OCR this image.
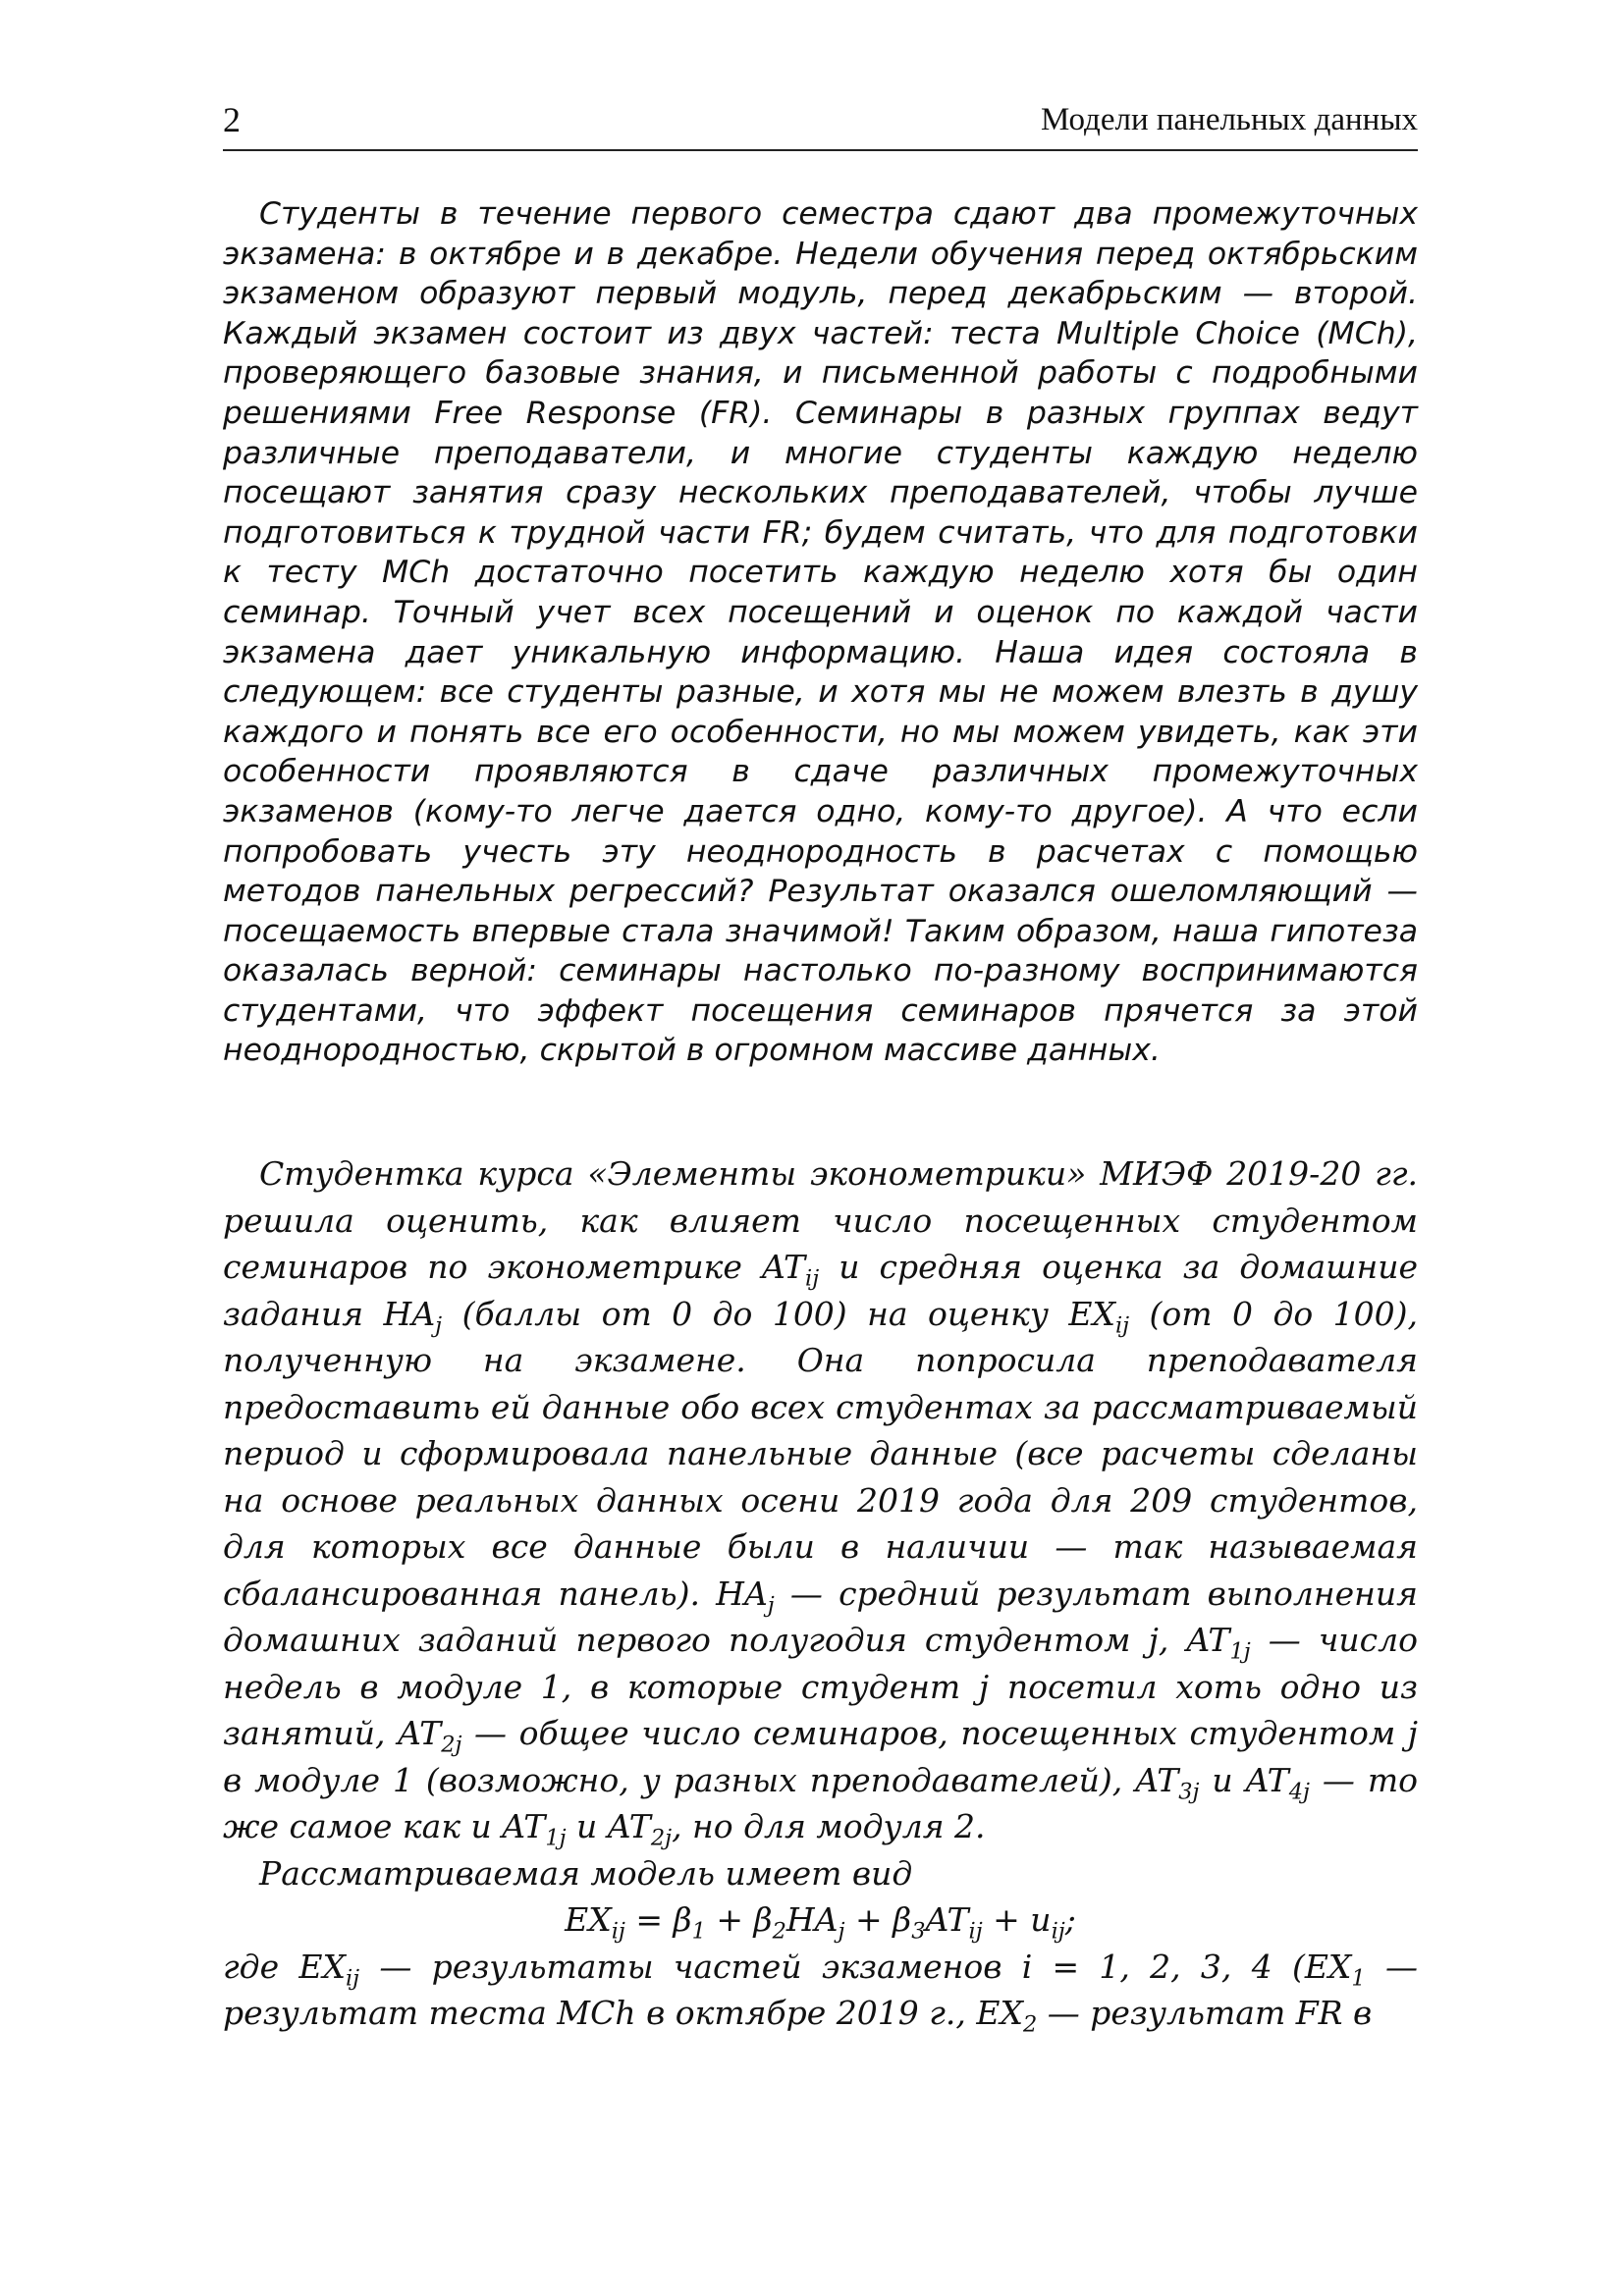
2	Модели панельных данных

Студенты в течение первого семестра сдают два промежуточных экзамена: в октябре и в декабре. Недели обучения перед октябрьским экзаменом образуют первый модуль, перед декабрьским — второй. Каждый экзамен состоит из двух частей: теста Multiple Choice (MCh), проверяющего базовые знания, и письменной работы с подробными решениями Free Response (FR). Семинары в разных группах ведут различные преподаватели, и многие студенты каждую неделю посещают занятия сразу нескольких преподавателей, чтобы лучше подготовиться к трудной части FR; будем считать, что для подготовки к тесту MCh достаточно посетить каждую неделю хотя бы один семинар. Точный учет всех посещений и оценок по каждой части экзамена дает уникальную информацию. Наша идея состояла в следующем: все студенты разные, и хотя мы не можем влезть в душу каждого и понять все его особенности, но мы можем увидеть, как эти особенности проявляются в сдаче различных промежуточных экзаменов (кому-то легче дается одно, кому-то другое). А что если попробовать учесть эту неоднородность в расчетах с помощью методов панельных регрессий? Результат оказался ошеломляющий — посещаемость впервые стала значимой! Таким образом, наша гипотеза оказалась верной: семинары настолько по-разному воспринимаются студентами, что эффект посещения семинаров прячется за этой неоднородностью, скрытой в огромном массиве данных.

Студентка курса «Элементы эконометрики» МИЭФ 2019-20 гг. решила оценить, как влияет число посещенных студентом семинаров по эконометрике $AT_{ij}$ и средняя оценка за домашние задания $HA_j$ (баллы от 0 до 100) на оценку $EX_{ij}$ (от 0 до 100), полученную на экзамене. Она попросила преподавателя предоставить ей данные обо всех студентах за рассматриваемый период и сформировала панельные данные (все расчеты сделаны на основе реальных данных осени 2019 года для 209 студентов, для которых все данные были в наличии — так называемая сбалансированная панель). $HA_j$ — средний результат выполнения домашних заданий первого полугодия студентом j, $AT_{1j}$ — число недель в модуле 1, в которые студент j посетил хоть одно из занятий, $AT_{2j}$ — общее число семинаров, посещенных студентом j в модуле 1 (возможно, у разных преподавателей), $AT_{3j}$ и $AT_{4j}$ — то же самое как и $AT_{1j}$ и $AT_{2j}$, но для модуля 2.

Рассматриваемая модель имеет вид

$EX_{ij} = \beta_1 + \beta_2HA_j + \beta_3AT_{ij} + u_{ij}$;

где $EX_{ij}$ — результаты частей экзаменов i = 1, 2, 3, 4 ($EX_1$ — результат теста MCh в октябре 2019 г., $EX_2$ — результат FR в
